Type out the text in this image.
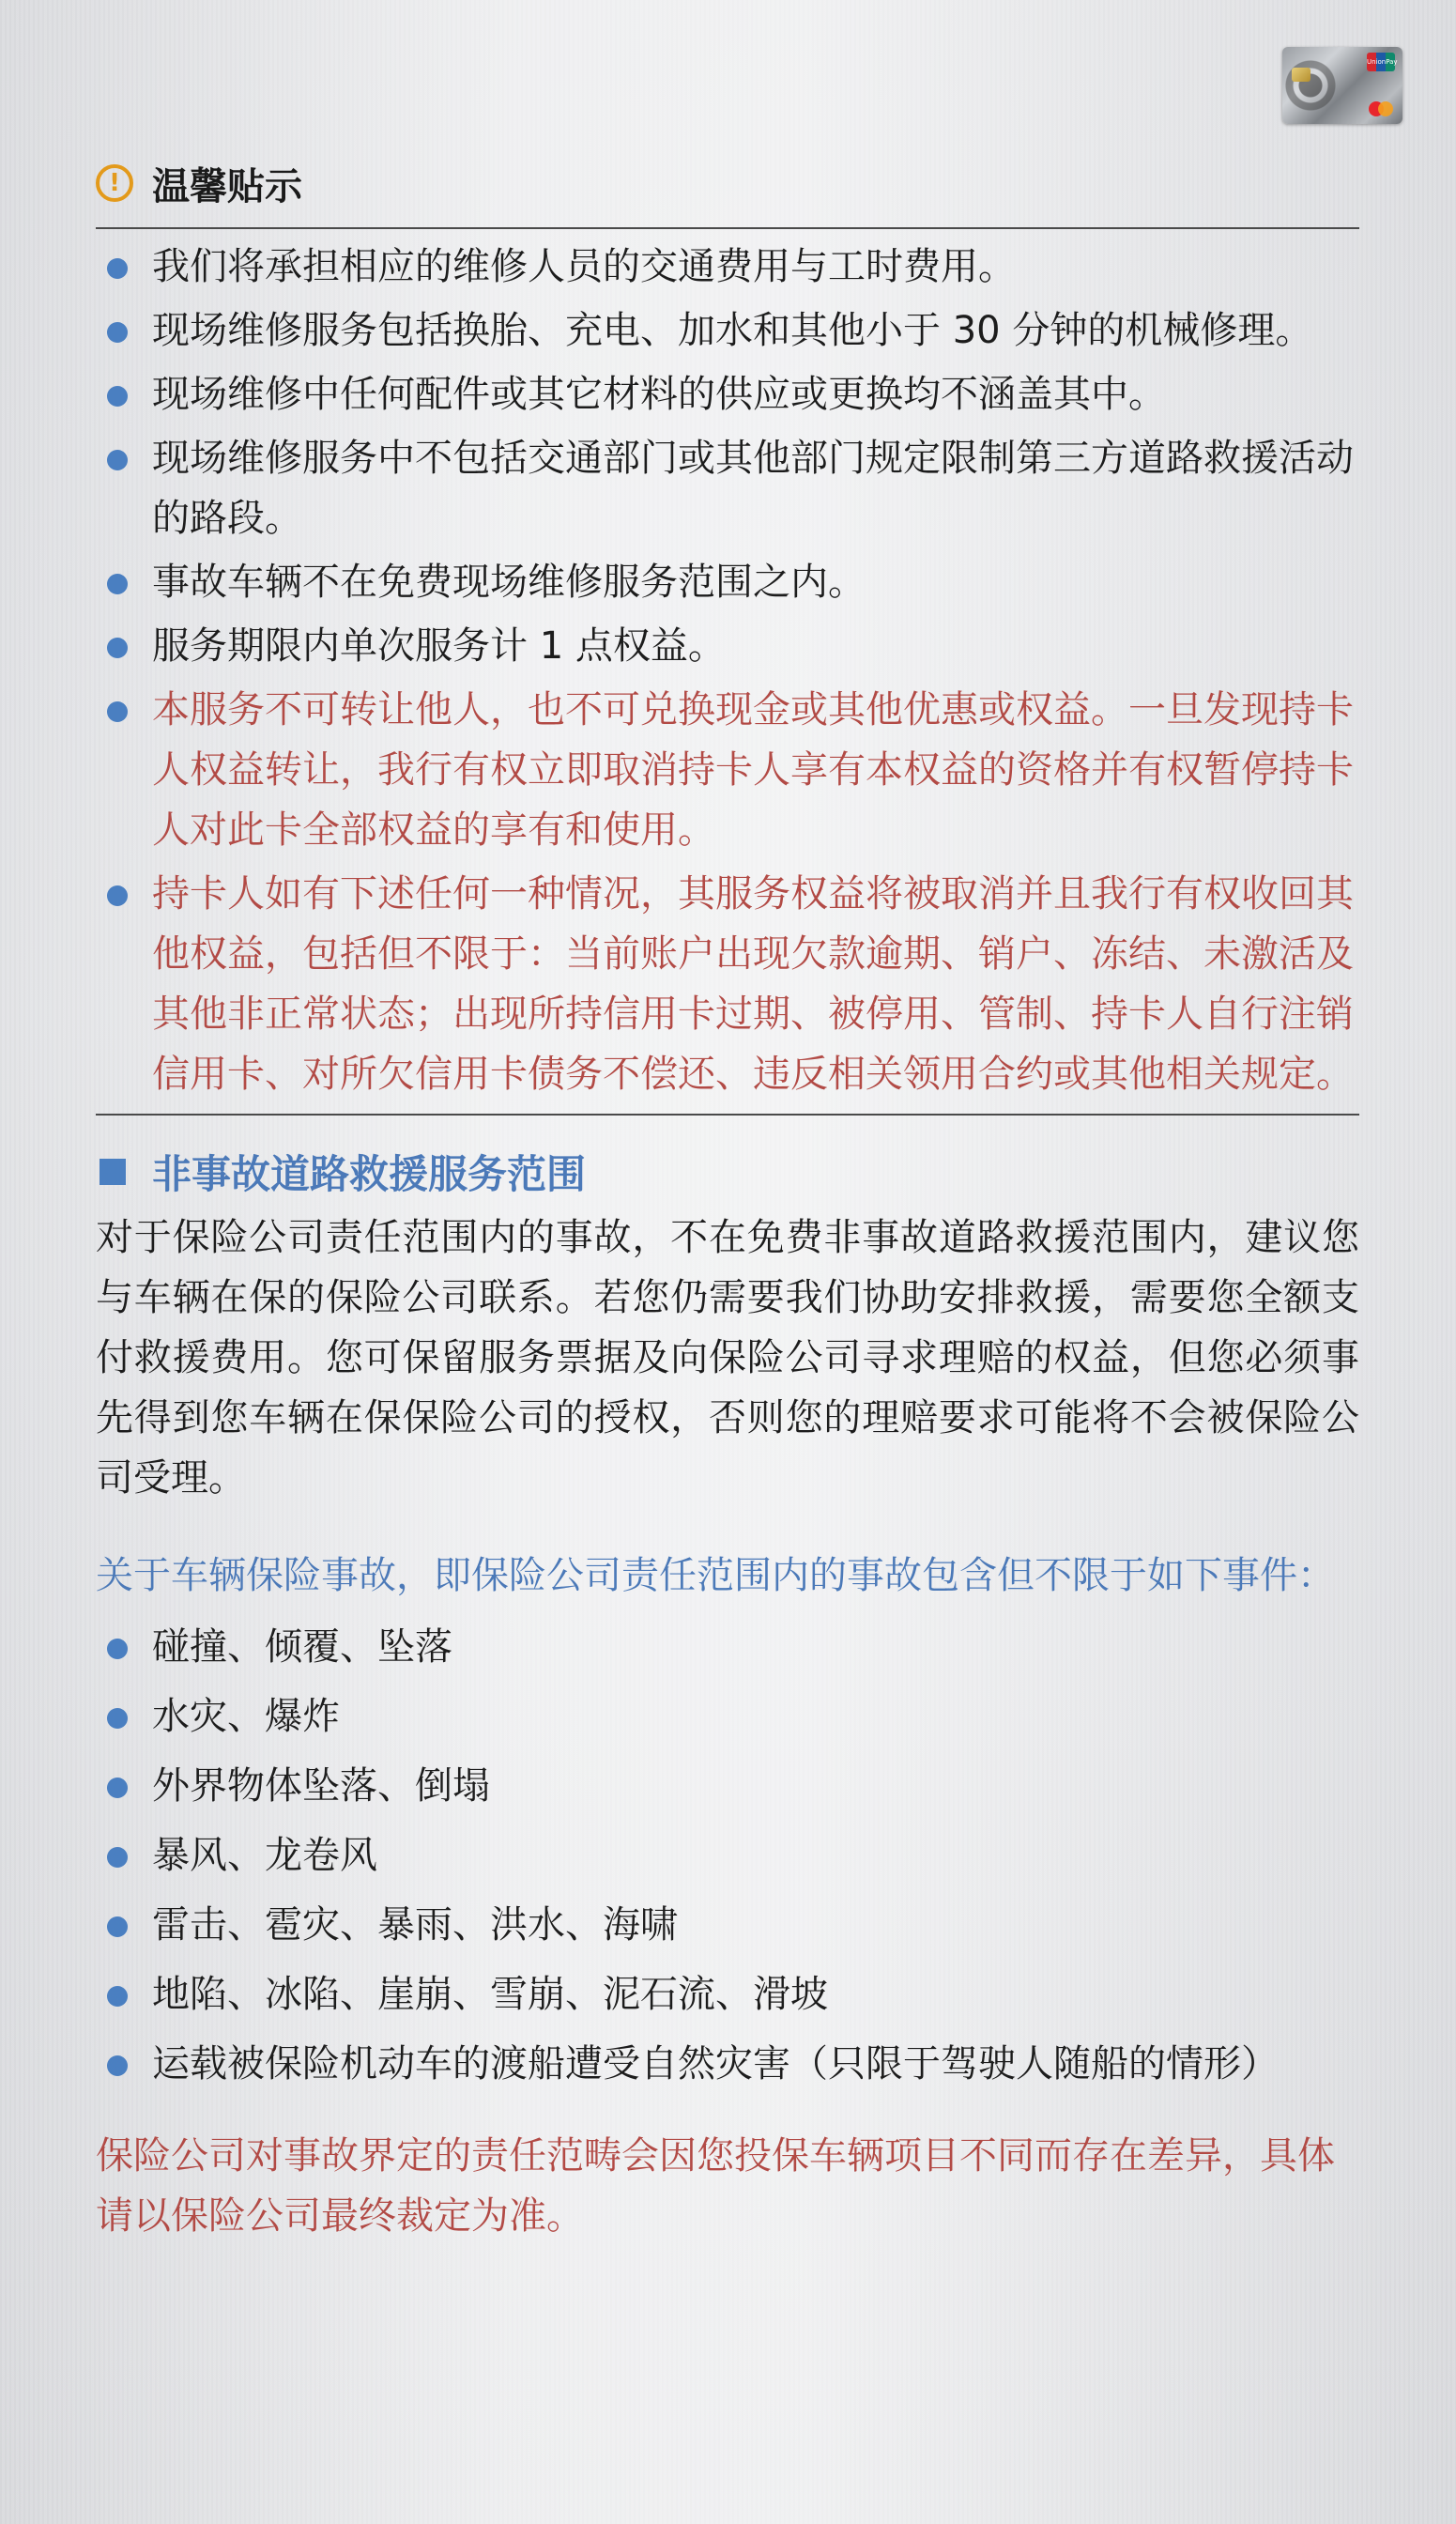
UnionPay
! 温馨贴示
我们将承担相应的维修人员的交通费用与工时费用。
现场维修服务包括换胎、充电、加水和其他小于 30 分钟的机械修理。
现场维修中任何配件或其它材料的供应或更换均不涵盖其中。
现场维修服务中不包括交通部门或其他部门规定限制第三方道路救援活动的路段。
事故车辆不在免费现场维修服务范围之内。
服务期限内单次服务计 1 点权益。
本服务不可转让他人，也不可兑换现金或其他优惠或权益。一旦发现持卡人权益转让，我行有权立即取消持卡人享有本权益的资格并有权暂停持卡人对此卡全部权益的享有和使用。
持卡人如有下述任何一种情况，其服务权益将被取消并且我行有权收回其他权益，包括但不限于：当前账户出现欠款逾期、销户、冻结、未激活及其他非正常状态；出现所持信用卡过期、被停用、管制、持卡人自行注销信用卡、对所欠信用卡债务不偿还、违反相关领用合约或其他相关规定。
非事故道路救援服务范围
对于保险公司责任范围内的事故，不在免费非事故道路救援范围内，建议您与车辆在保的保险公司联系。若您仍需要我们协助安排救援，需要您全额支付救援费用。您可保留服务票据及向保险公司寻求理赔的权益，但您必须事先得到您车辆在保保险公司的授权，否则您的理赔要求可能将不会被保险公司受理。
关于车辆保险事故，即保险公司责任范围内的事故包含但不限于如下事件：
碰撞、倾覆、坠落
水灾、爆炸
外界物体坠落、倒塌
暴风、龙卷风
雷击、雹灾、暴雨、洪水、海啸
地陷、冰陷、崖崩、雪崩、泥石流、滑坡
运载被保险机动车的渡船遭受自然灾害（只限于驾驶人随船的情形）
保险公司对事故界定的责任范畴会因您投保车辆项目不同而存在差异，具体请以保险公司最终裁定为准。
